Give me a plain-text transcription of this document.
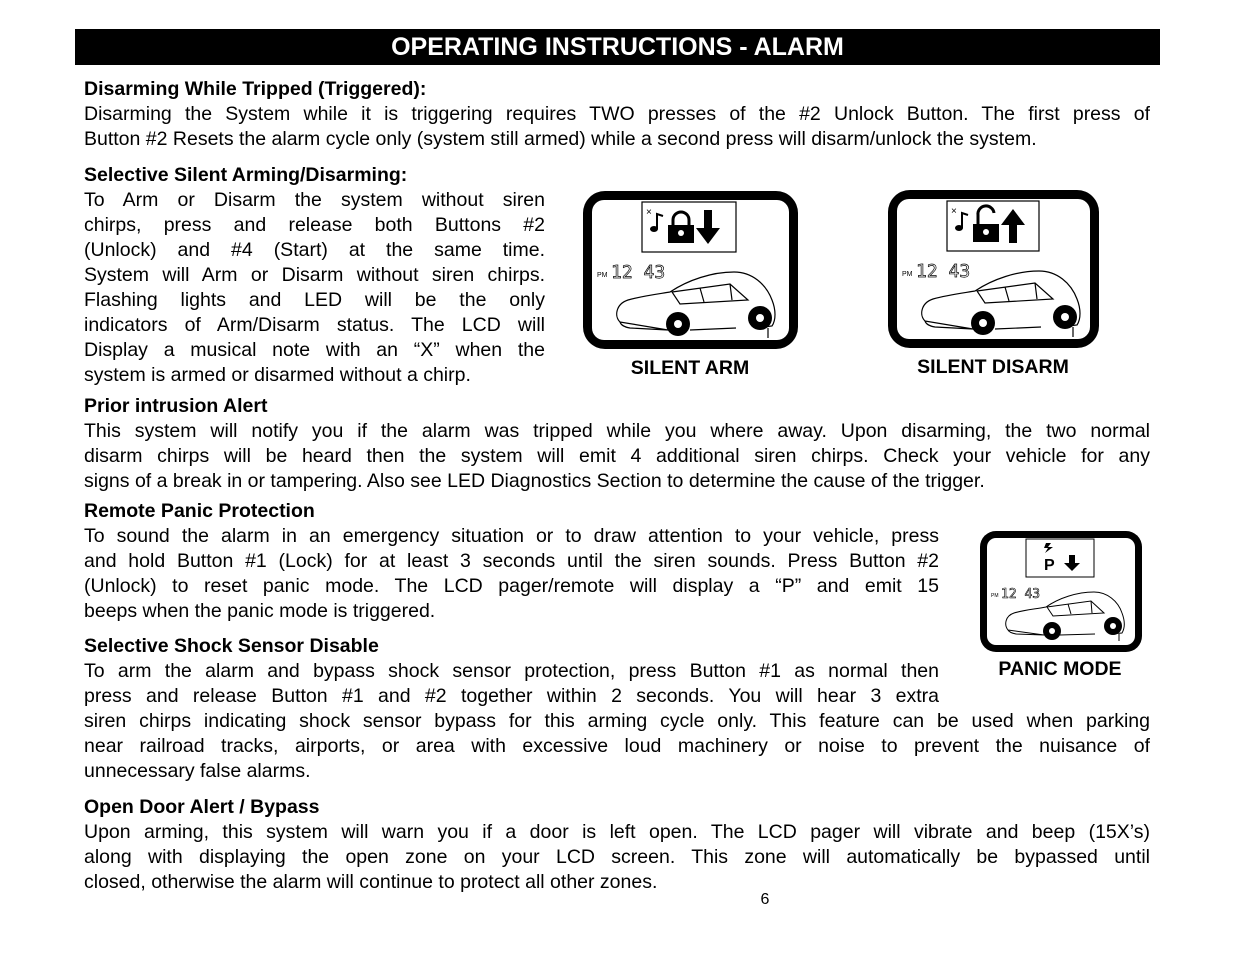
OPERATING INSTRUCTIONS - ALARM
Disarming While Tripped (Triggered):
Disarming the System while it is triggering requires TWO presses of the #2 Unlock Button. The first press of
Button #2 Resets the alarm cycle only (system still armed) while a second press will disarm/unlock the system.
Selective Silent Arming/Disarming:
To Arm or Disarm the system without siren
chirps, press and release both Buttons #2
(Unlock) and #4 (Start) at the same time.
System will Arm or Disarm without siren chirps.
Flashing lights and LED will be the only
indicators of Arm/Disarm status. The LCD will
Display a musical note with an “X” when the
system is armed or disarmed without a chirp.
×
PM 12 43
SILENT ARM
×
PM 12 43
SILENT DISARM
Prior intrusion Alert
This system will notify you if the alarm was tripped while you where away. Upon disarming, the two normal
disarm chirps will be heard then the system will emit 4 additional siren chirps. Check your vehicle for any
signs of a break in or tampering. Also see LED Diagnostics Section to determine the cause of the trigger.
Remote Panic Protection
To sound the alarm in an emergency situation or to draw attention to your vehicle, press
and hold Button #1 (Lock) for at least 3 seconds until the siren sounds. Press Button #2
(Unlock) to reset panic mode. The LCD pager/remote will display a “P” and emit 15
beeps when the panic mode is triggered.
P
PM 12 43
PANIC MODE
Selective Shock Sensor Disable
To arm the alarm and bypass shock sensor protection, press Button #1 as normal then
press and release Button #1 and #2 together within 2 seconds. You will hear 3 extra
siren chirps indicating shock sensor bypass for this arming cycle only. This feature can be used when parking
near railroad tracks, airports, or area with excessive loud machinery or noise to prevent the nuisance of
unnecessary false alarms.
Open Door Alert / Bypass
Upon arming, this system will warn you if a door is left open. The LCD pager will vibrate and beep (15X’s)
along with displaying the open zone on your LCD screen. This zone will automatically be bypassed until
closed, otherwise the alarm will continue to protect all other zones.
6
